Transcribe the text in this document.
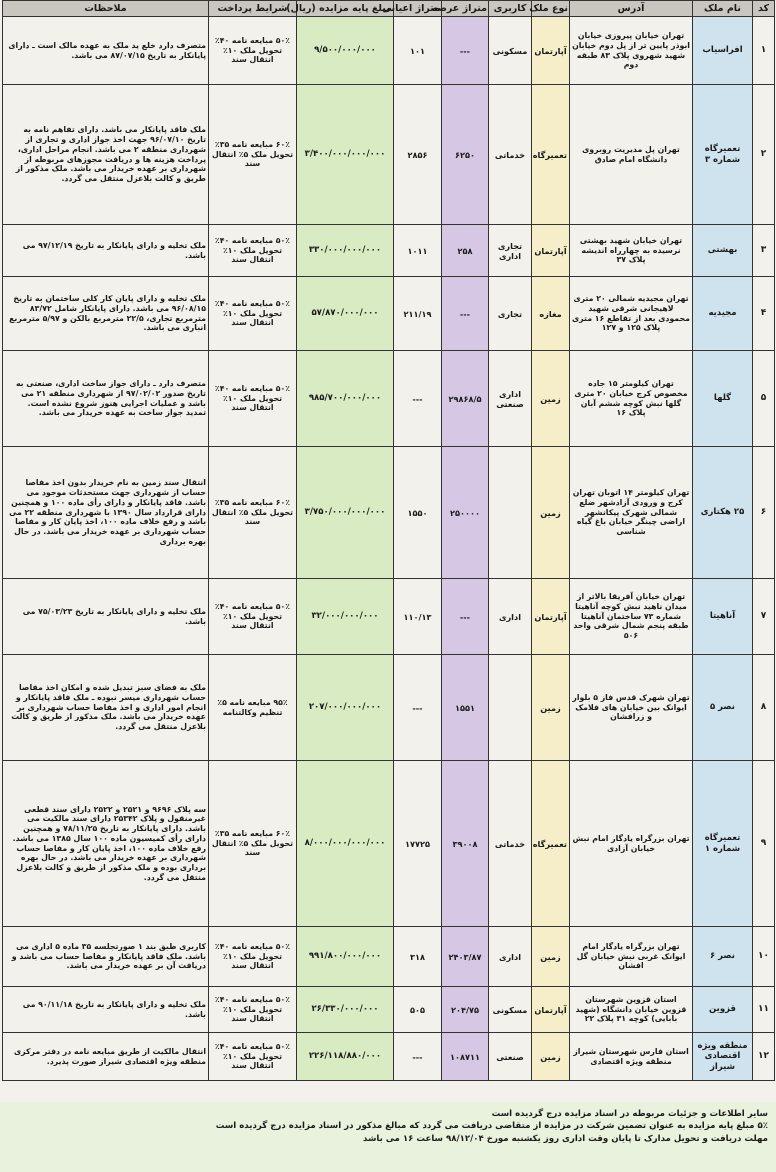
کد	نام ملک	آدرس	نوع ملک	کاربری	متراژ عرصه	متراژ اعیانی	مبلغ پایه مزایده (ریال)	شرایط پرداخت	ملاحظات
۱	افراسیاب	تهران خیابان پیروزی خیابان ابوذر پایین تر از پل دوم خیابان شهید شهروی پلاک ۸۳ طبقه دوم	آپارتمان	مسکونی	---	۱۰۱	۹/۵۰۰/۰۰۰/۰۰۰	۵۰٪ مبایعه نامه ۴۰٪ تحویل ملک ۱۰٪ انتقال سند	متصرف دارد خلع ید ملک به عهده مالک است ـ دارای پایانکار به تاریخ ۸۷/۰۷/۱۵ می باشد.
۲	تعمیرگاه شماره ۳	تهران پل مدیریت روبروی دانشگاه امام صادق	تعمیرگاه	خدماتی	۶۲۵۰	۲۸۵۶	۳/۴۰۰/۰۰۰/۰۰۰/۰۰۰	۶۰٪ مبایعه نامه ۳۵٪ تحویل ملک ۵٪ انتقال سند	ملک فاقد پایانکار می باشد. دارای تفاهم نامه به تاریخ ۹۶/۰۷/۱۰ جهت اخذ جواز اداری و تجاری از شهرداری منطقه ۲ می باشد. انجام مراحل اداری، پرداخت هزینه ها و دریافت مجوزهای مربوطه از شهرداری بر عهده خریدار می باشد. ملک مذکور از طریق و کالت بلاعزل منتقل می گردد.
۳	بهشتی	تهران خیابان شهید بهشتی نرسیده به چهارراه اندیشه پلاک ۳۷	آپارتمان	تجاری اداری	۲۵۸	۱۰۱۱	۳۳۰/۰۰۰/۰۰۰/۰۰۰	۵۰٪ مبایعه نامه ۴۰٪ تحویل ملک ۱۰٪ انتقال سند	ملک تخلیه و دارای پایانکار به تاریخ ۹۷/۱۲/۱۹ می باشد.
۴	مجیدیه	تهران مجیدیه شمالی ۲۰ متری لاهیجانی شرقی شهید محمودی بعد از تقاطع ۱۶ متری پلاک ۱۲۵ و ۱۲۷	مغازه	تجاری	---	۲۱۱/۱۹	۵۷/۸۷۰/۰۰۰/۰۰۰	۵۰٪ مبایعه نامه ۴۰٪ تحویل ملک ۱۰٪ انتقال سند	ملک تخلیه و دارای پایان کار کلی ساختمان به تاریخ ۹۶/۰۸/۱۵ می باشد. دارای پایانکار شامل ۸۳/۷۲ مترمربع تجاری، ۲۲/۵ مترمربع بالکن و ۵/۹۷ مترمربع انباری می باشد.
۵	گلها	تهران کیلومتر ۱۵ جاده مخصوص کرج خیابان ۲۰ متری گلها نبش کوچه ششم آبان پلاک ۱۶	زمین	اداری صنعتی	۲۹۸۶۸/۵	---	۹۸۵/۷۰۰/۰۰۰/۰۰۰	۵۰٪ مبایعه نامه ۴۰٪ تحویل ملک ۱۰٪ انتقال سند	متصرف دارد ـ دارای جواز ساخت اداری، صنعتی به تاریخ صدور ۹۷/۰۲/۰۲ از شهرداری منطقه ۲۱ می باشد و عملیات اجرایی هنوز شروع نشده است. تمدید جواز ساخت به عهده خریدار می باشد.
۶	۲۵ هکتاری	تهران کیلومتر ۱۴ اتوبان تهران کرج و ورودی آزادشهر ضلع شمالی شهرک پیکانشهر اراضی چینگر خیابان باغ گیاه شناسی	زمین		۲۵۰۰۰۰	۱۵۵۰	۳/۷۵۰/۰۰۰/۰۰۰/۰۰۰	۶۰٪ مبایعه نامه ۳۵٪ تحویل ملک ۵٪ انتقال سند	انتقال سند زمین به نام خریدار بدون اخذ مفاصا حساب از شهرداری جهت مستحدثات موجود می باشد. فاقد پایانکار و دارای رأی ماده ۱۰۰ و همچنین دارای قرارداد سال ۱۳۹۰ با شهرداری منطقه ۲۲ می باشد و رفع خلاف ماده ۱۰۰، اخذ پایان کار و مفاصا حساب شهرداری بر عهده خریدار می باشد. در حال بهره برداری
۷	آناهیتا	تهران خیابان آفریقا بالاتر از میدان ناهید نبش کوچه آناهیتا شماره ۷۳ ساختمان آناهیتا طبقه پنجم شمال شرقی واحد ۵۰۶	آپارتمان	اداری	---	۱۱۰/۱۳	۳۲/۰۰۰/۰۰۰/۰۰۰	۵۰٪ مبایعه نامه ۴۰٪ تحویل ملک ۱۰٪ انتقال سند	ملک تخلیه و دارای پایانکار به تاریخ ۷۵/۰۳/۲۳ می باشد.
۸	نصر ۵	تهران شهرک قدس فاز ۵ بلوار ایوانک بین خیابان های فلامک و زرافشان	زمین		۱۵۵۱	---	۲۰۷/۰۰۰/۰۰۰/۰۰۰	۹۵٪ مبایعه نامه ۵٪ تنظیم وکالتنامه	ملک به فضای سبز تبدیل شده و امکان اخذ مفاصا حساب شهرداری میسر نبوده ـ ملک فاقد پایانکار و انجام امور اداری و اخذ مفاصا حساب شهرداری بر عهده خریدار می باشد. ملک مذکور از طریق و کالت بلاعزل منتقل می گردد.
۹	تعمیرگاه شماره ۱	تهران بزرگراه یادگار امام نبش خیابان آزادی	تعمیرگاه	خدماتی	۳۹۰۰۸	۱۷۷۲۵	۸/۰۰۰/۰۰۰/۰۰۰/۰۰۰	۶۰٪ مبایعه نامه ۳۵٪ تحویل ملک ۵٪ انتقال سند	سه پلاک ۹۶۹۶ و ۲۵۲۱ و ۲۵۲۲ دارای سند قطعی غیرمنقول و پلاک ۲۵۳۴۲ دارای سند مالکیت می باشد. دارای پایانکار به تاریخ ۷۸/۱۱/۲۵ و همچنین دارای رأی کمیسیون ماده ۱۰۰ سال ۱۳۸۵ می باشد. رفع خلاف ماده ۱۰۰، اخذ پایان کار و مفاصا حساب شهرداری بر عهده خریدار می باشد. در حال بهره برداری بوده و ملک مذکور از طریق و کالت بلاعزل منتقل می گردد.
۱۰	نصر ۶	تهران بزرگراه یادگار امام ایوانک غربی نبش خیابان گل افشان	زمین	اداری	۲۴۰۳/۸۷	۳۱۸	۹۹۱/۸۰۰/۰۰۰/۰۰۰	۵۰٪ مبایعه نامه ۴۰٪ تحویل ملک ۱۰٪ انتقال سند	کاربری طبق بند ۱ صورتجلسه ۳۵ ماده ۵ اداری می باشد. ملک فاقد پایانکار و مفاصا حساب می باشد و دریافت آن بر عهده خریدار می باشد.
۱۱	قزوین	استان قزوین شهرستان قزوین خیابان دانشگاه (شهید بابایی) کوچه ۳۱ پلاک ۲۲	آپارتمان	مسکونی	۲۰۴/۷۵	۵۰۵	۲۶/۳۳۰/۰۰۰/۰۰۰	۵۰٪ مبایعه نامه ۴۰٪ تحویل ملک ۱۰٪ انتقال سند	ملک تخلیه و دارای پایانکار به تاریخ ۹۰/۱۱/۱۸ می باشد.
۱۲	منطقه ویژه اقتصادی شیراز	استان فارس شهرستان شیراز منطقه ویژه اقتصادی	زمین	صنعتی	۱۰۸۷۱۱	---	۲۲۶/۱۱۸/۸۸۰/۰۰۰	۵۰٪ مبایعه نامه ۴۰٪ تحویل ملک ۱۰٪ انتقال سند	انتقال مالکیت از طریق مبایعه نامه در دفتر مرکزی منطقه ویژه اقتصادی شیراز صورت پذیرد.

سایر اطلاعات و جزئیات مربوطه در اسناد مزایده درج گردیده است

۵٪ مبلغ پایه مزایده به عنوان تضمین شرکت در مزایده از متقاضی دریافت می گردد که مبالغ مذکور در اسناد مزایده درج گردیده است

مهلت دریافت و تحویل مدارک تا پایان وقت اداری روز یکشنبه مورخ ۹۸/۱۲/۰۴ ساعت ۱۶ می باشد
